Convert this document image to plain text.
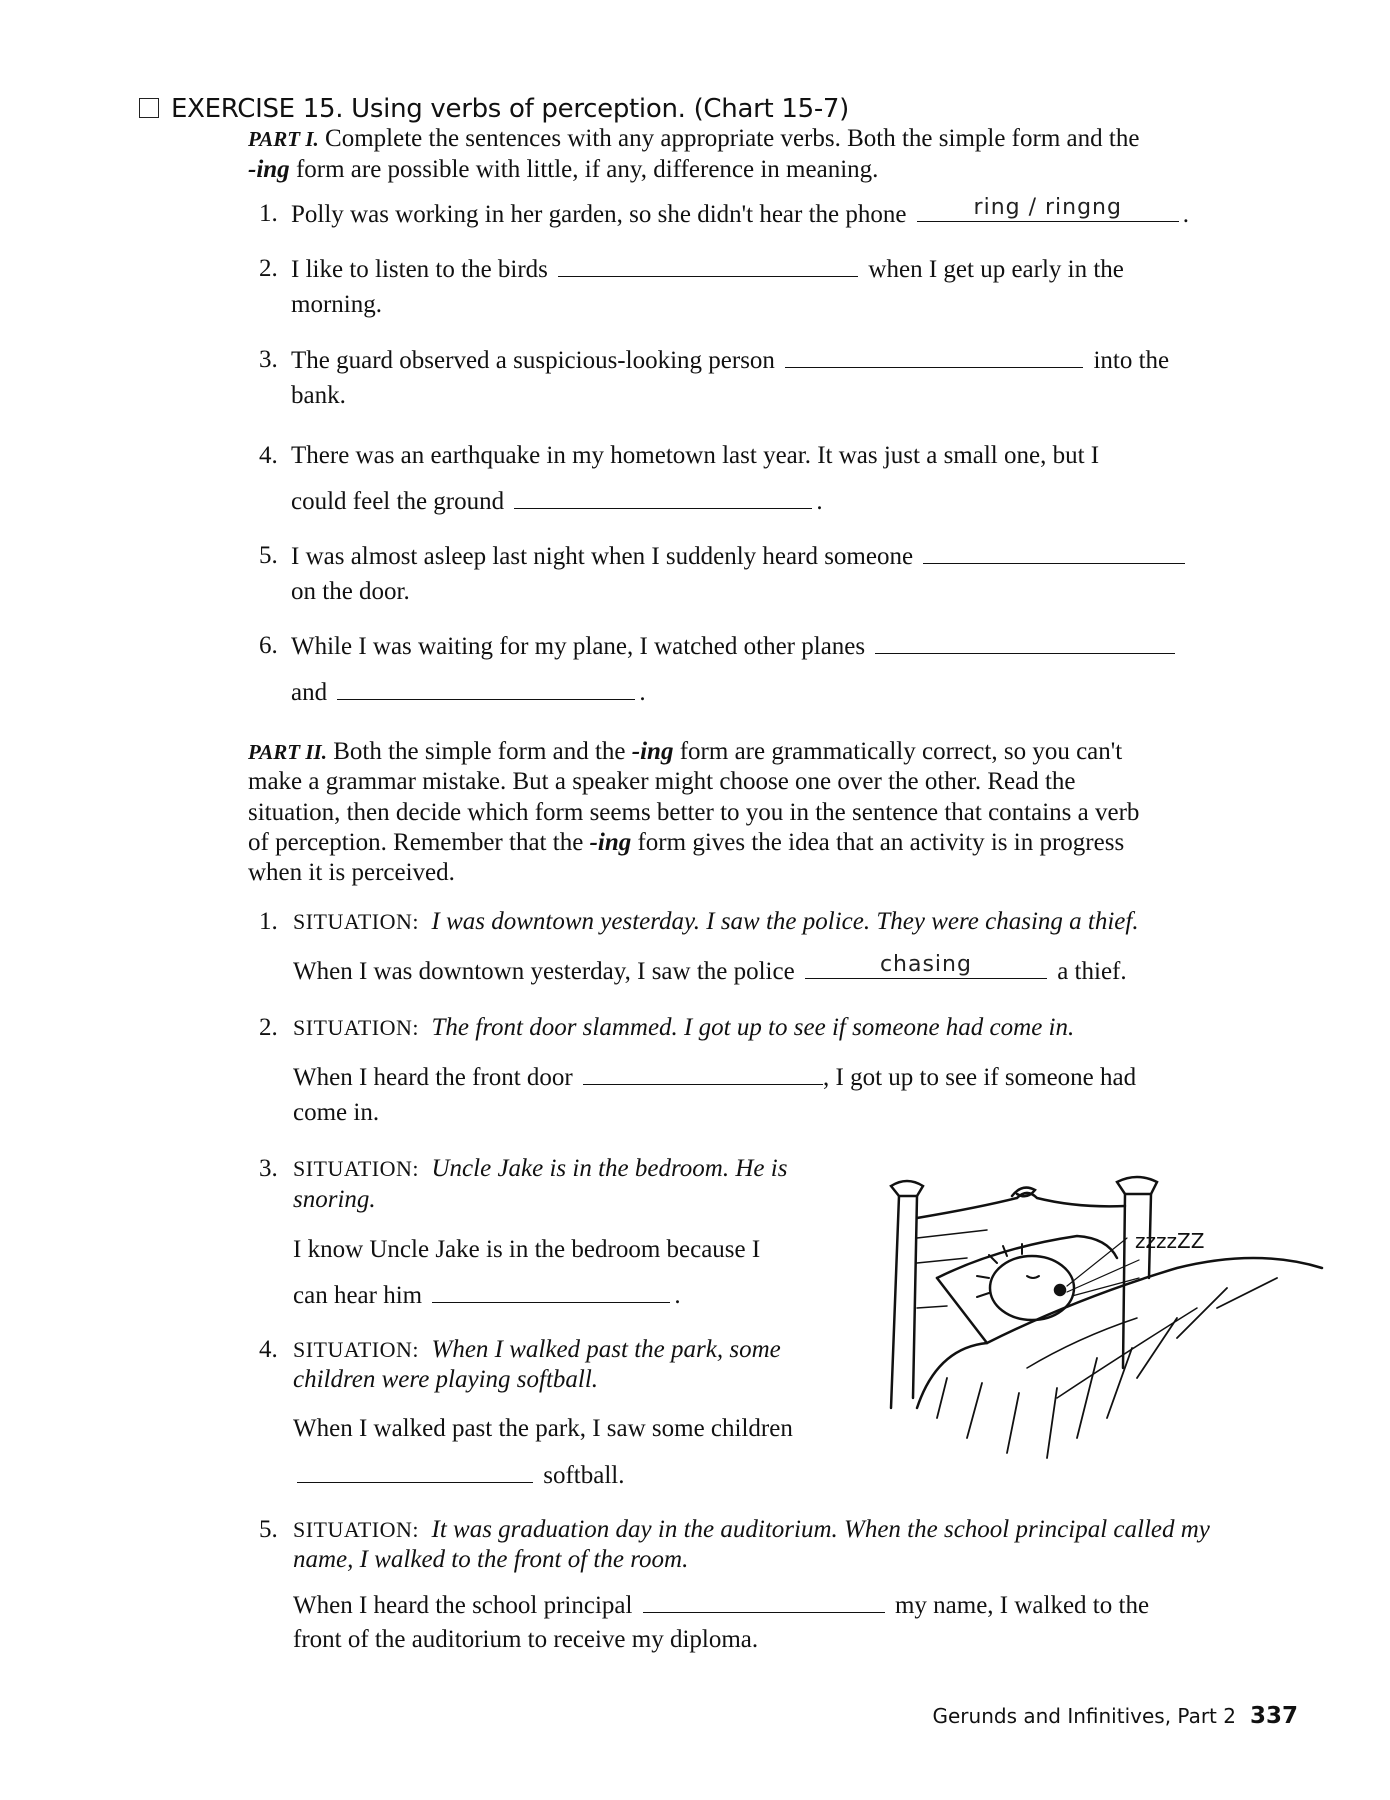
EXERCISE 15. Using verbs of perception. (Chart 15-7)
PART I. Complete the sentences with any appropriate verbs. Both the simple form and the
-ing form are possible with little, if any, difference in meaning.
1. Polly was working in her garden, so she didn't hear the phone	ring / ringng	.
2. I like to listen to the birds	when I get up early in the
morning.
3. The guard observed a suspicious-looking person	into the
bank.
4. There was an earthquake in my hometown last year. It was just a small one, but I
could feel the ground	.
5. I was almost asleep last night when I suddenly heard someone
on the door.
6. While I was waiting for my plane, I watched other planes
and	.
PART II. Both the simple form and the -ing form are grammatically correct, so you can't
make a grammar mistake. But a speaker might choose one over the other. Read the
situation, then decide which form seems better to you in the sentence that contains a verb
of perception. Remember that the -ing form gives the idea that an activity is in progress
when it is perceived.
1. SITUATION: I was downtown yesterday. I saw the police. They were chasing a thief.
When I was downtown yesterday, I saw the police	chasing	a thief.
2. SITUATION: The front door slammed. I got up to see if someone had come in.
When I heard the front door	, I got up to see if someone had
come in.
3. SITUATION: Uncle Jake is in the bedroom. He is
snoring.
I know Uncle Jake is in the bedroom because I
can hear him	.
4. SITUATION: When I walked past the park, some
children were playing softball.
When I walked past the park, I saw some children
softball.
5. SITUATION: It was graduation day in the auditorium. When the school principal called my
name, I walked to the front of the room.
When I heard the school principal	my name, I walked to the
front of the auditorium to receive my diploma.
zzzzZZ
Gerunds and Infinitives, Part 2 337
